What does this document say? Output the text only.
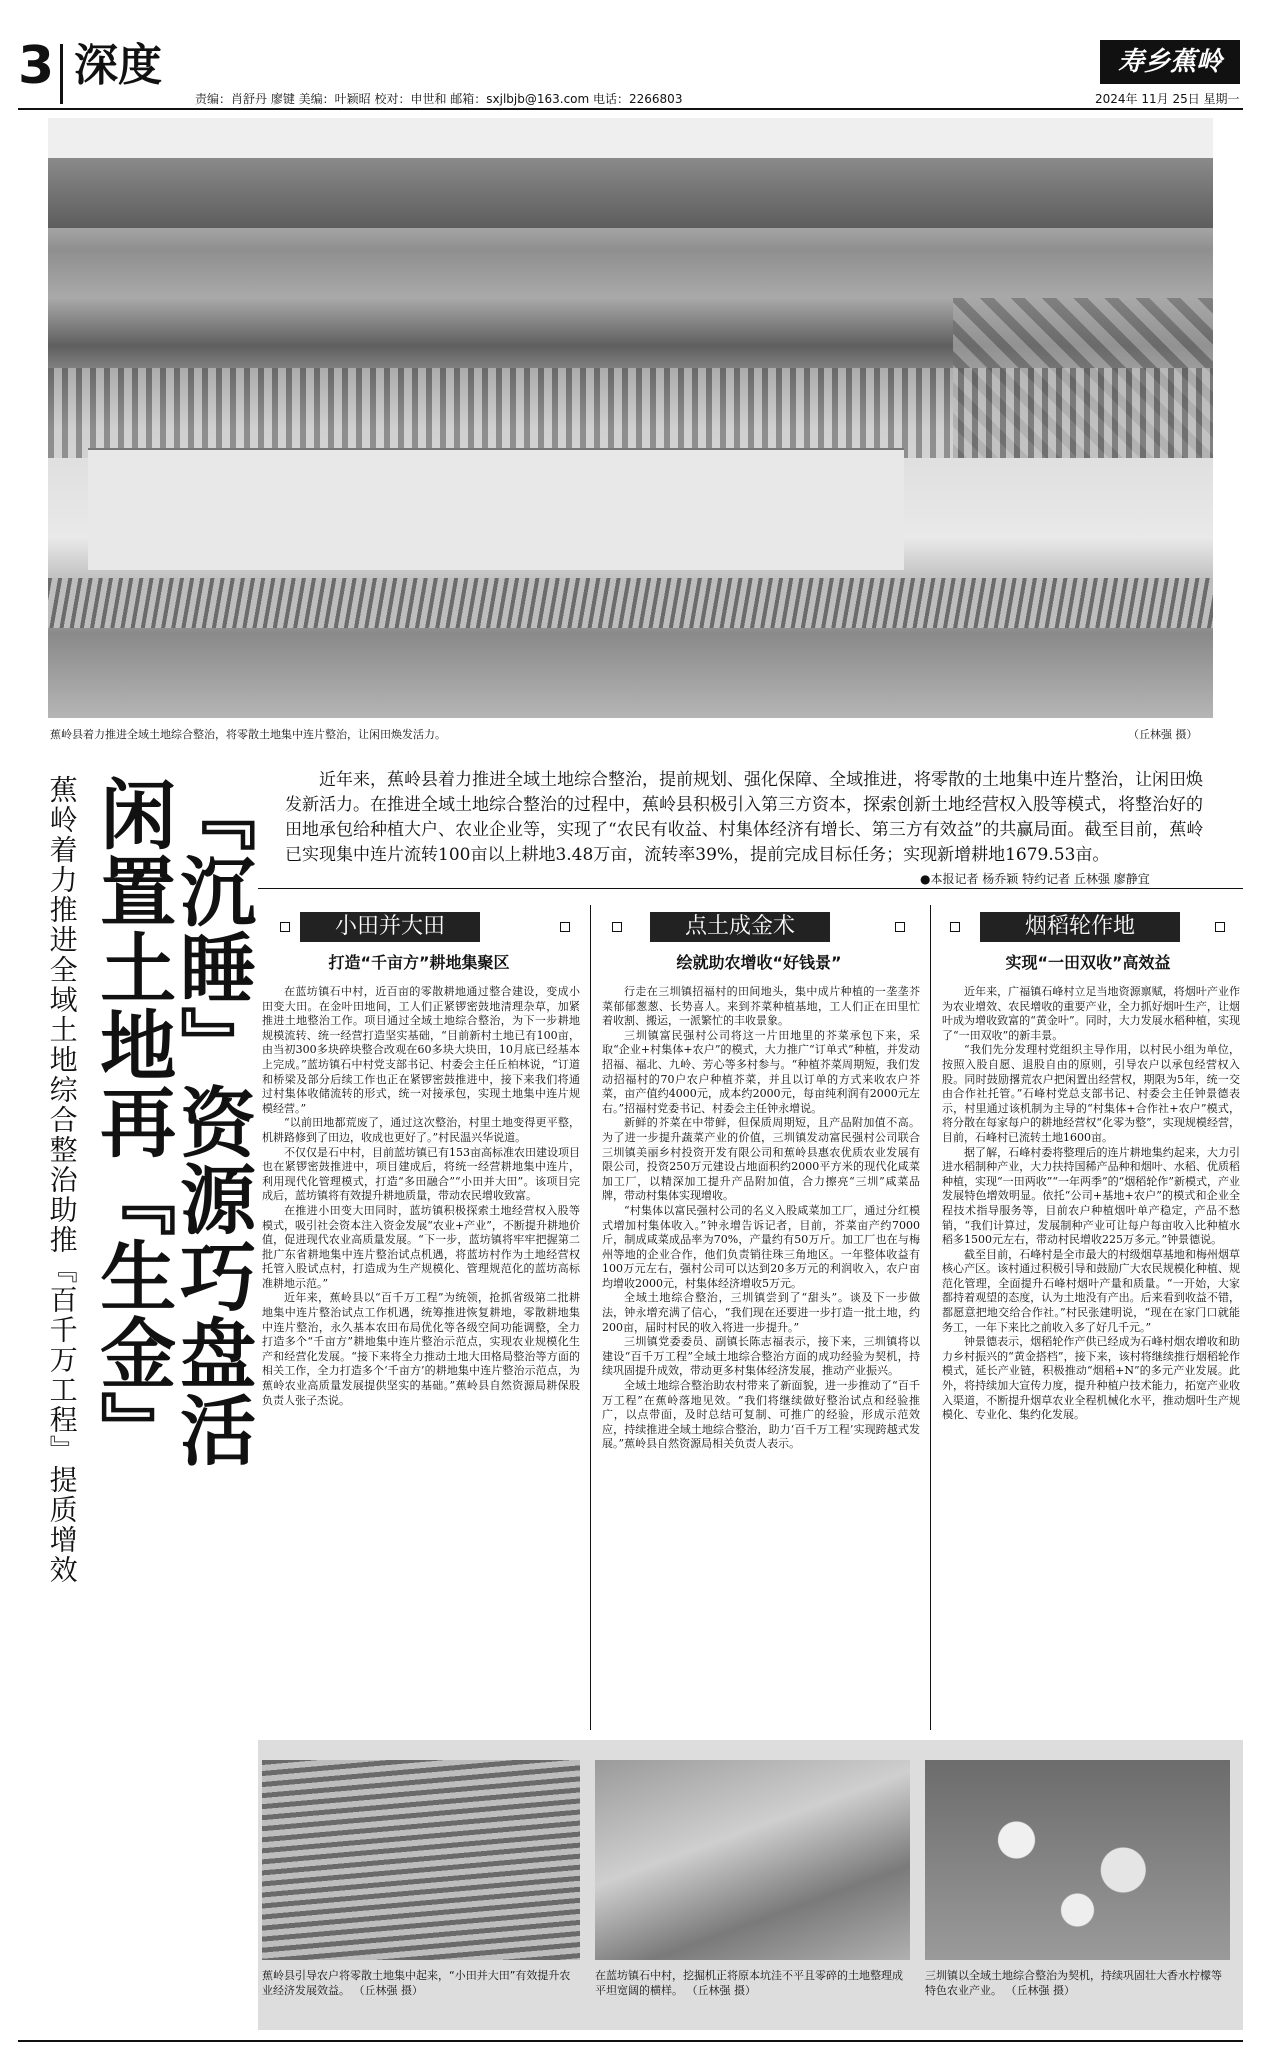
3 深度
责编：肖舒丹 廖键 美编：叶颖昭 校对：申世和 邮箱：sxjlbjb@163.com 电话：2266803
寿乡蕉岭
2024年 11月 25日 星期一
蕉岭县着力推进全域土地综合整治，将零散土地集中连片整治，让闲田焕发活力。	（丘林强 摄）
蕉岭着力推进全域土地综合整治助推『百千万工程』提质增效 『沉睡』资源巧盘活
闲置土地再『生金』	近年来，蕉岭县着力推进全域土地综合整治，提前规划、强化保障、全域推进，将零散的土地集中连片整治，让闲田焕发新活力。在推进全域土地综合整治的过程中，蕉岭县积极引入第三方资本，探索创新土地经营权入股等模式，将整治好的田地承包给种植大户、农业企业等，实现了“农民有收益、村集体经济有增长、第三方有效益”的共赢局面。截至目前，蕉岭已实现集中连片流转100亩以上耕地3.48万亩，流转率39%，提前完成目标任务；实现新增耕地1679.53亩。
●本报记者 杨乔颖 特约记者 丘林强 廖静宜
小田并大田
打造“千亩方”耕地集聚区

在蓝坊镇石中村，近百亩的零散耕地通过整合建设，变成小田变大田。在金叶田地间，工人们正紧锣密鼓地清理杂草，加紧推进土地整治工作。项目通过全域土地综合整治，为下一步耕地规模流转、统一经营打造坚实基础，“目前新村土地已有100亩，由当初300多块碎块整合改观在60多块大块田，10月底已经基本上完成。”蓝坊镇石中村党支部书记、村委会主任丘柏林说，“订道和桥梁及部分后续工作也正在紧锣密鼓推进中，接下来我们将通过村集体收储流转的形式，统一对接承包，实现土地集中连片规模经营。”

“以前田地都荒废了，通过这次整治，村里土地变得更平整，机耕路修到了田边，收成也更好了。”村民温兴华说道。

不仅仅是石中村，目前蓝坊镇已有153亩高标准农田建设项目也在紧锣密鼓推进中，项目建成后，将统一经营耕地集中连片，利用现代化管理模式，打造“多田融合”“小田并大田”。该项目完成后，蓝坊镇将有效提升耕地质量，带动农民增收致富。

在推进小田变大田同时，蓝坊镇积极探索土地经营权入股等模式，吸引社会资本注入资金发展“农业+产业”，不断提升耕地价值，促进现代农业高质量发展。“下一步，蓝坊镇将牢牢把握第二批广东省耕地集中连片整治试点机遇，将蓝坊村作为土地经营权托管入股试点村，打造成为生产规模化、管理规范化的蓝坊高标准耕地示范。”

近年来，蕉岭县以“百千万工程”为统领，抢抓省级第二批耕地集中连片整治试点工作机遇，统筹推进恢复耕地，零散耕地集中连片整治，永久基本农田布局优化等各级空间功能调整，全力打造多个“千亩方”耕地集中连片整治示范点，实现农业规模化生产和经营化发展。“接下来将全力推动土地大田格局整治等方面的相关工作，全力打造多个‘千亩方’的耕地集中连片整治示范点，为蕉岭农业高质量发展提供坚实的基础。”蕉岭县自然资源局耕保股负责人张子杰说。

点土成金术
绘就助农增收“好钱景”

行走在三圳镇招福村的田间地头，集中成片种植的一垄垄芥菜郁郁葱葱、长势喜人。来到芥菜种植基地，工人们正在田里忙着收割、搬运，一派繁忙的丰收景象。

三圳镇富民强村公司将这一片田地里的芥菜承包下来，采取“企业+村集体+农户”的模式，大力推广“订单式”种植，并发动招福、福北、九岭、芳心等多村参与。“种植芥菜周期短，我们发动招福村的70户农户种植芥菜，并且以订单的方式来收农户芥菜，亩产值约4000元，成本约2000元，每亩纯利润有2000元左右。”招福村党委书记、村委会主任钟永增说。

新鲜的芥菜在中带鲜，但保质周期短，且产品附加值不高。为了进一步提升蔬菜产业的价值，三圳镇发动富民强村公司联合三圳镇美丽乡村投资开发有限公司和蕉岭县惠农优质农业发展有限公司，投资250万元建设占地面积约2000平方米的现代化咸菜加工厂，以精深加工提升产品附加值，合力擦亮“三圳”咸菜品牌，带动村集体实现增收。

“村集体以富民强村公司的名义入股咸菜加工厂，通过分红模式增加村集体收入。”钟永增告诉记者，目前，芥菜亩产约7000斤，制成咸菜成品率为70%，产量约有50万斤。加工厂也在与梅州等地的企业合作，他们负责销往珠三角地区。一年整体收益有100万元左右，强村公司可以达到20多万元的利润收入，农户亩均增收2000元，村集体经济增收5万元。

全域土地综合整治，三圳镇尝到了“甜头”。谈及下一步做法，钟永增充满了信心，“我们现在还要进一步打造一批土地，约200亩，届时村民的收入将进一步提升。”

三圳镇党委委员、副镇长陈志福表示，接下来，三圳镇将以建设“百千万工程”全域土地综合整治方面的成功经验为契机，持续巩固提升成效，带动更多村集体经济发展，推动产业振兴。

全域土地综合整治助农村带来了新面貌，进一步推动了“百千万工程”在蕉岭落地见效。“我们将继续做好整治试点和经验推广，以点带面，及时总结可复制、可推广的经验，形成示范效应，持续推进全域土地综合整治，助力‘百千万工程’实现跨越式发展。”蕉岭县自然资源局相关负责人表示。

烟稻轮作地
实现“一田双收”高效益

近年来，广福镇石峰村立足当地资源禀赋，将烟叶产业作为农业增效、农民增收的重要产业，全力抓好烟叶生产，让烟叶成为增收致富的“黄金叶”。同时，大力发展水稻种植，实现了“一田双收”的新丰景。

“我们先分发理村党组织主导作用，以村民小组为单位，按照入股自愿、退股自由的原则，引导农户以承包经营权入股。同时鼓励撂荒农户把闲置出经营权，期限为5年，统一交由合作社托管。”石峰村党总支部书记、村委会主任钟景德表示，村里通过该机制为主导的“村集体+合作社+农户”模式，将分散在每家每户的耕地经营权“化零为整”，实现规模经营，目前，石峰村已流转土地1600亩。

据了解，石峰村委将整理后的连片耕地集约起来，大力引进水稻制种产业，大力扶持国稀产品种和烟叶、水稻、优质稻种植，实现“一田两收”“一年两季”的“烟稻轮作”新模式，产业发展特色增效明显。依托“公司+基地+农户”的模式和企业全程技术指导服务等，目前农户种植烟叶单产稳定，产品不愁销，“我们计算过，发展制种产业可让每户每亩收入比种植水稻多1500元左右，带动村民增收225万多元。”钟景德说。

截至目前，石峰村是全市最大的村级烟草基地和梅州烟草核心产区。该村通过积极引导和鼓励广大农民规模化种植、规范化管理，全面提升石峰村烟叶产量和质量。“一开始，大家都持着观望的态度，认为土地没有产出。后来看到收益不错，都愿意把地交给合作社。”村民张建明说，“现在在家门口就能务工，一年下来比之前收入多了好几千元。”

钟景德表示，烟稻轮作产供已经成为石峰村烟农增收和助力乡村振兴的“黄金搭档”，接下来，该村将继续推行烟稻轮作模式，延长产业链，积极推动“烟稻+N”的多元产业发展。此外，将持续加大宣传力度，提升种植户技术能力，拓宽产业收入渠道，不断提升烟草农业全程机械化水平，推动烟叶生产规模化、专业化、集约化发展。

蕉岭县引导农户将零散土地集中起来，“小田并大田”有效提升农业经济发展效益。 （丘林强 摄）
在蓝坊镇石中村，挖掘机正将原本坑洼不平且零碎的土地整理成平坦宽阔的横样。 （丘林强 摄）
三圳镇以全域土地综合整治为契机，持续巩固壮大香水柠檬等特色农业产业。 （丘林强 摄）
